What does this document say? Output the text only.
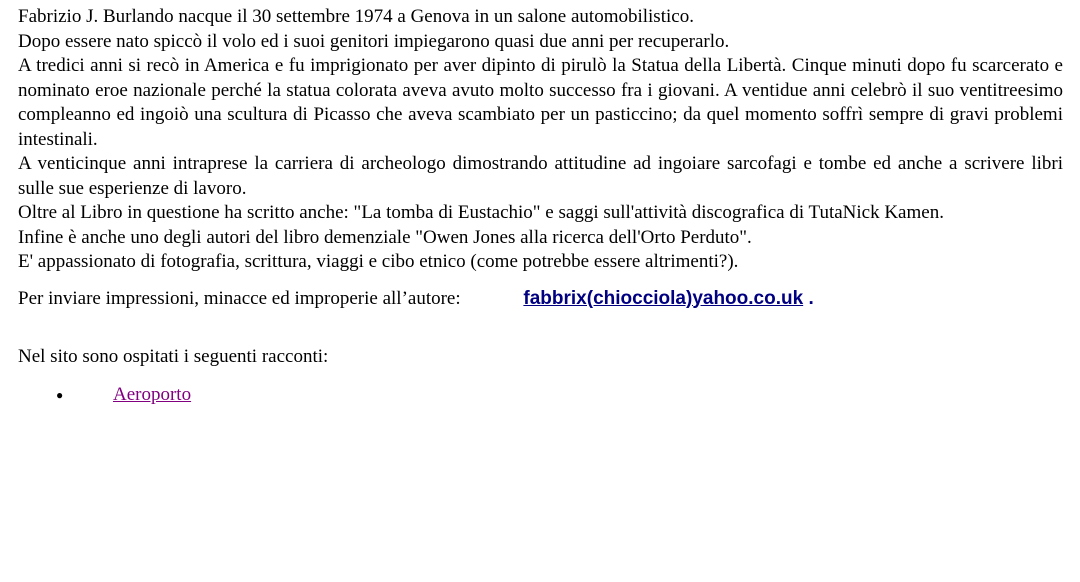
Fabrizio J. Burlando nacque il 30 settembre 1974 a Genova in un salone automobilistico.

Dopo essere nato spiccò il volo ed i suoi genitori impiegarono quasi due anni per recuperarlo.

A tredici anni si recò in America e fu imprigionato per aver dipinto di pirulò la Statua della Libertà. Cinque minuti dopo fu scarcerato e nominato eroe nazionale perché la statua colorata aveva avuto molto successo fra i giovani. A ventidue anni celebrò il suo ventitreesimo compleanno ed ingoiò una scultura di Picasso che aveva scambiato per un pasticcino; da quel momento soffrì sempre di gravi problemi intestinali.

A venticinque anni intraprese la carriera di archeologo dimostrando attitudine ad ingoiare sarcofagi e tombe ed anche a scrivere libri sulle sue esperienze di lavoro.

Oltre al Libro in questione ha scritto anche: "La tomba di Eustachio" e saggi sull'attività discografica di TutaNick Kamen.

Infine è anche uno degli autori del libro demenziale "Owen Jones alla ricerca dell'Orto Perduto".

E' appassionato di fotografia, scrittura, viaggi e cibo etnico (come potrebbe essere altrimenti?).

Per inviare impressioni, minacce ed improperie all’autore:	fabbrix(chiocciola)yahoo.co.uk .
Nel sito sono ospitati i seguenti racconti:
●	Aeroporto
